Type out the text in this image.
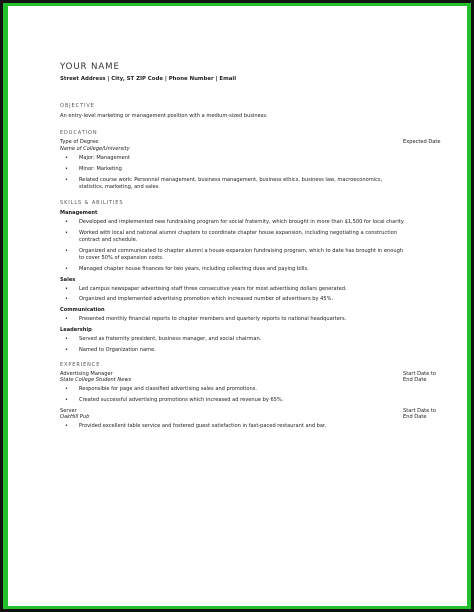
YOUR NAME
Street Address | City, ST ZIP Code | Phone Number | Email
OBJECTIVE
An entry-level marketing or management position with a medium-sized business.
EDUCATION
Type of Degree	Expected Date
Name of College/University
• Major: Management
• Minor: Marketing
• Related course work: Personnel management, business management, business ethics, business law, macroeconomics, statistics, marketing, and sales.
SKILLS & ABILITIES
Management
• Developed and implemented new fundraising program for social fraternity, which brought in more than $1,500 for local charity.
• Worked with local and national alumni chapters to coordinate chapter house expansion, including negotiating a construction contract and schedule.
• Organized and communicated to chapter alumni a house expansion fundraising program, which to date has brought in enough to cover 50% of expansion costs.
• Managed chapter house finances for two years, including collecting dues and paying bills.
Sales
• Led campus newspaper advertising staff three consecutive years for most advertising dollars generated.
• Organized and implemented advertising promotion which increased number of advertisers by 45%.
Communication
• Presented monthly financial reports to chapter members and quarterly reports to national headquarters.
Leadership
• Served as fraternity president, business manager, and social chairman.
• Named to Organization name.
EXPERIENCE
Advertising Manager	Start Date to
State College Student News	End Date
• Responsible for page and classified advertising sales and promotions.
• Created successful advertising promotions which increased ad revenue by 65%.
Server	Start Date to
OakHill Pub	End Date
• Provided excellent table service and fostered guest satisfaction in fast-paced restaurant and bar.
